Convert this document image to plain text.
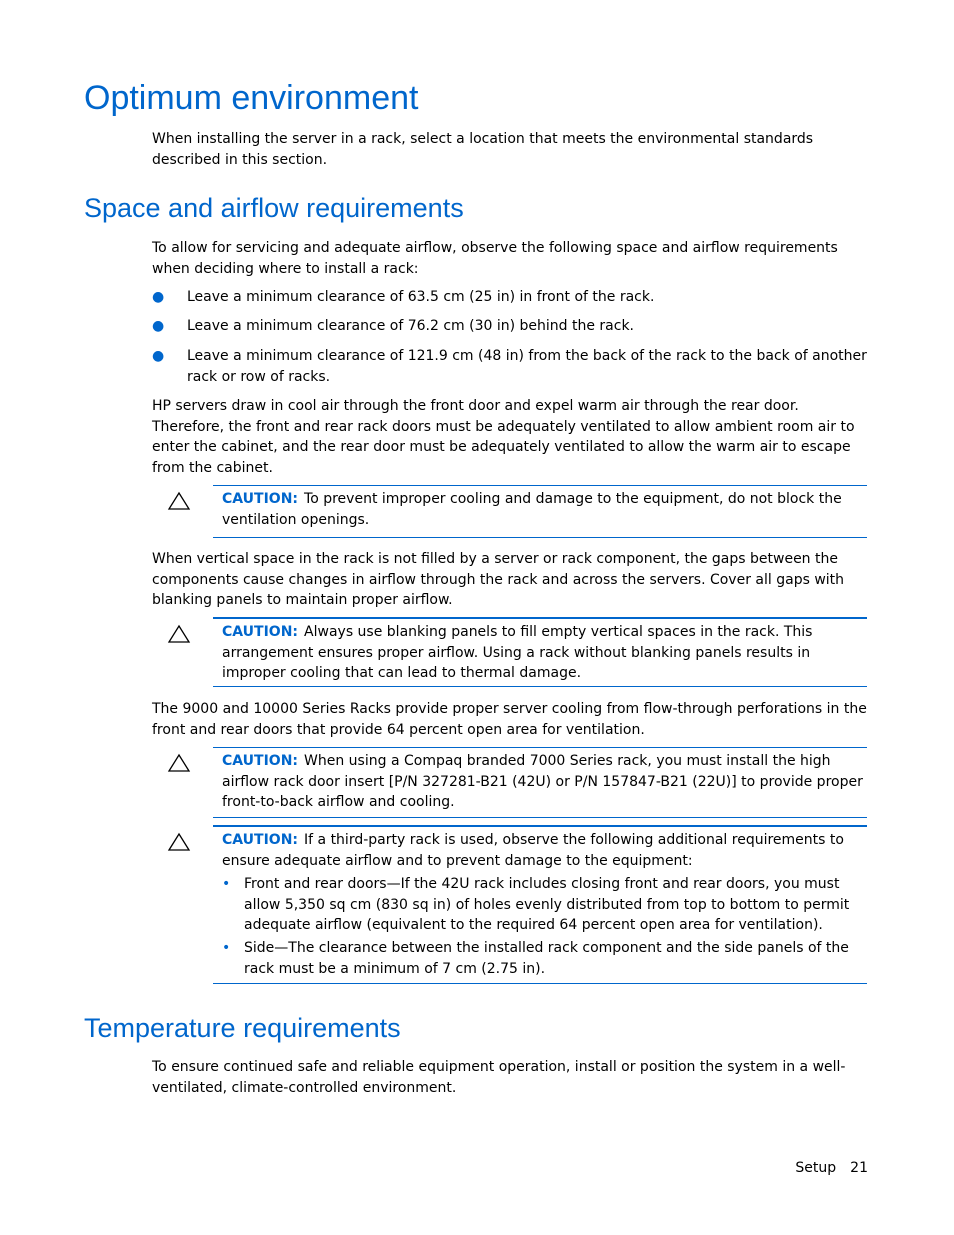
Optimum environment

When installing the server in a rack, select a location that meets the environmental standards described in this section.

Space and airflow requirements

To allow for servicing and adequate airflow, observe the following space and airflow requirements when deciding where to install a rack:

● Leave a minimum clearance of 63.5 cm (25 in) in front of the rack.

● Leave a minimum clearance of 76.2 cm (30 in) behind the rack.

● Leave a minimum clearance of 121.9 cm (48 in) from the back of the rack to the back of another rack or row of racks.

HP servers draw in cool air through the front door and expel warm air through the rear door. Therefore, the front and rear rack doors must be adequately ventilated to allow ambient room air to enter the cabinet, and the rear door must be adequately ventilated to allow the warm air to escape from the cabinet.

CAUTION: To prevent improper cooling and damage to the equipment, do not block the ventilation openings.

When vertical space in the rack is not filled by a server or rack component, the gaps between the components cause changes in airflow through the rack and across the servers. Cover all gaps with blanking panels to maintain proper airflow.

CAUTION: Always use blanking panels to fill empty vertical spaces in the rack. This arrangement ensures proper airflow. Using a rack without blanking panels results in improper cooling that can lead to thermal damage.

The 9000 and 10000 Series Racks provide proper server cooling from flow-through perforations in the front and rear doors that provide 64 percent open area for ventilation.

CAUTION: When using a Compaq branded 7000 Series rack, you must install the high airflow rack door insert [P/N 327281-B21 (42U) or P/N 157847-B21 (22U)] to provide proper front-to-back airflow and cooling.

CAUTION: If a third-party rack is used, observe the following additional requirements to ensure adequate airflow and to prevent damage to the equipment:

• Front and rear doors—If the 42U rack includes closing front and rear doors, you must allow 5,350 sq cm (830 sq in) of holes evenly distributed from top to bottom to permit adequate airflow (equivalent to the required 64 percent open area for ventilation).

• Side—The clearance between the installed rack component and the side panels of the rack must be a minimum of 7 cm (2.75 in).

Temperature requirements

To ensure continued safe and reliable equipment operation, install or position the system in a well-ventilated, climate-controlled environment.

Setup 21
